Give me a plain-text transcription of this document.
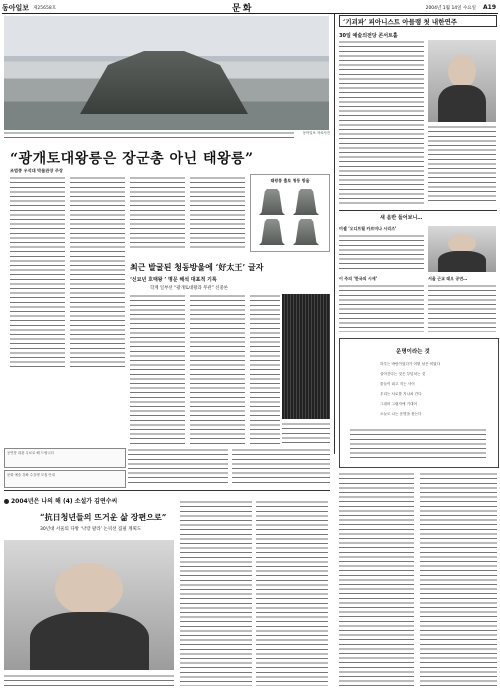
동아일보 제25658호	문화	2004년 1월 14일 수요일 A19
동아일보 자료사진
“광개토대왕릉은 장군총 아닌 태왕릉”
조법종 우석대 박물관장 주장
태왕릉 출토 청동 방울
최근 발굴된 청동방울에 ‘好太王’ 글자
‘신묘년 호태왕 ’ 명문 해석 대표적 기록
학계 일부선 “광개토대왕과 무관” 신중론
공연장 대관 무료로 해 드립니다
문화 예술 강좌 수강생 모집 안내
‘기괴파’ 피아니스트 아믈랭 첫 내한연주
30일 예술의전당 콘서트홀
새 음반 들어보니…
미셸 ‘오디프릴 카르미나 시리즈’
이 주의 ‘한국의 시세’	서울 근교 태오 공연…
운명이라는 것
하루는 바람이었다가 어떤 날은 비였다
살아간다는 것은 부딪치는 것
꽃들이 피고 지는 사이
우리는 서로를 지나쳐 간다
그대의 그림자에 기대어
오늘도 나는 운명을 묻는다
2004년은 나의 해 (4) 소설가 김연수씨
“抗日청년들의 뜨거운 삶 장편으로”
30년대 서울의 다방 ‘낙랑 팔라’ 논픽션 집필 계획도
